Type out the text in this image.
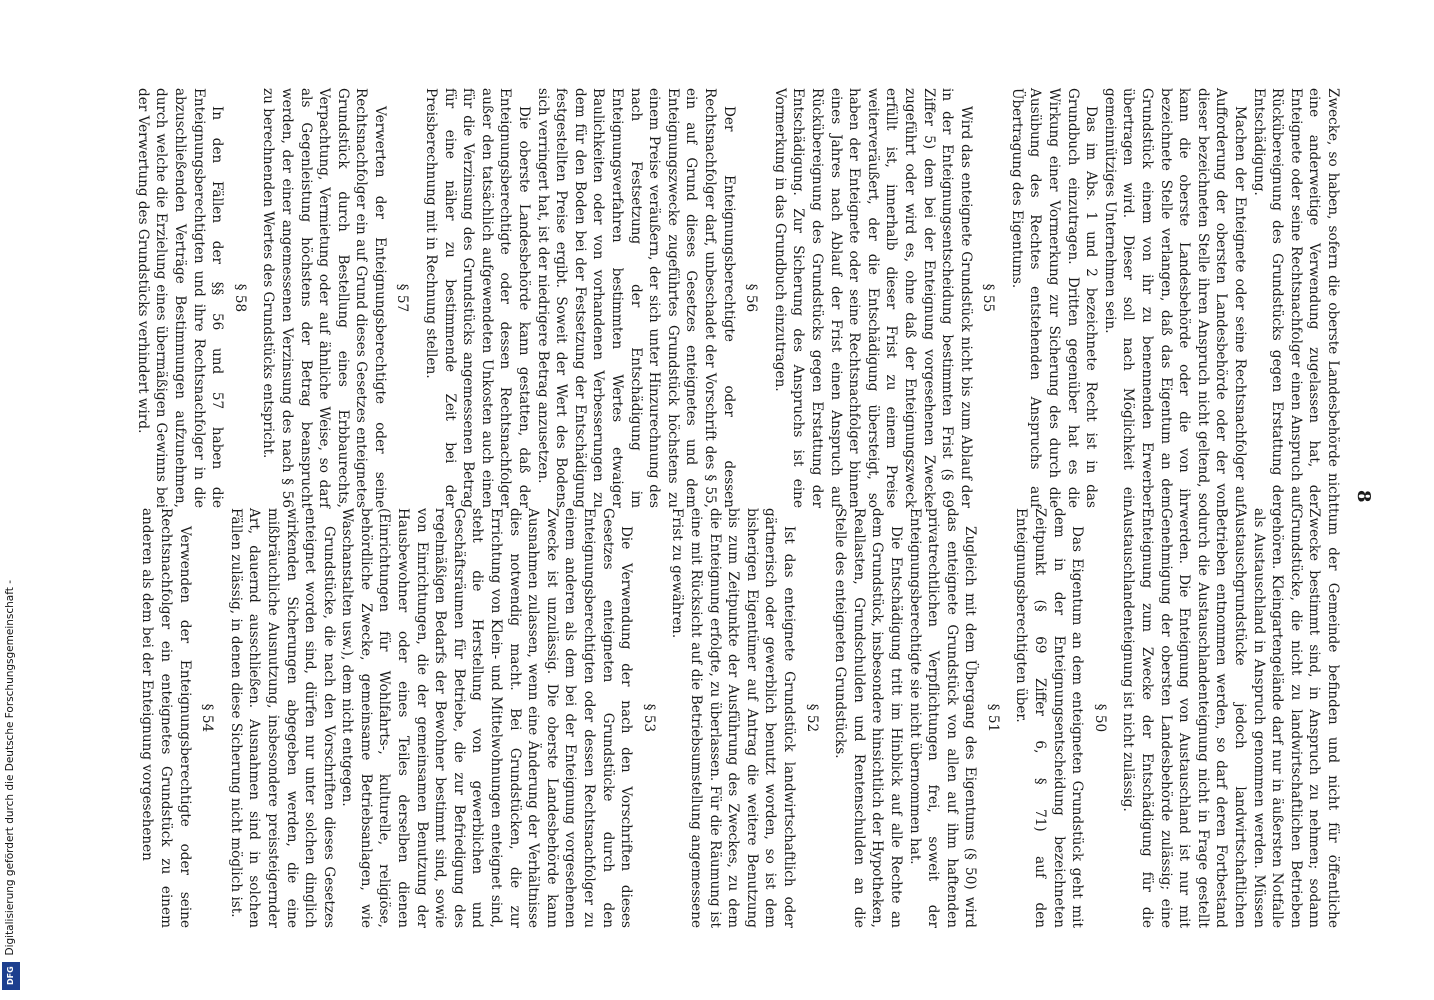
8

Zwecke, so haben, sofern die oberste Landesbehörde nicht eine anderweitige Verwendung zugelassen hat, der Enteignete oder seine Rechtsnachfolger einen Anspruch auf Rückübereignung des Grundstücks gegen Erstattung der Entschädigung.

Machen der Enteignete oder seine Rechtsnachfolger auf Aufforderung der obersten Landesbehörde oder der von dieser bezeichneten Stelle ihren Anspruch nicht geltend, so kann die oberste Landesbehörde oder die von ihr bezeichnete Stelle verlangen, daß das Eigentum an dem Grundstück einem von ihr zu benennenden Erwerber übertragen wird. Dieser soll nach Möglichkeit ein gemeinnütziges Unternehmen sein.

Das im Abs. 1 und 2 bezeichnete Recht ist in das Grundbuch einzutragen. Dritten gegenüber hat es die Wirkung einer Vormerkung zur Sicherung des durch die Ausübung des Rechtes entstehenden Anspruchs auf Übertragung des Eigentums.

§ 55

Wird das enteignete Grundstück nicht bis zum Ablauf der in der Enteignungsentscheidung bestimmten Frist (§ 69 Ziffer 5) dem bei der Enteignung vorgesehenen Zwecke zugeführt oder wird es, ohne daß der Enteignungszweck erfüllt ist, innerhalb dieser Frist zu einem Preise weiterveräußert, der die Entschädigung übersteigt, so haben der Enteignete oder seine Rechtsnachfolger binnen eines Jahres nach Ablauf der Frist einen Anspruch auf Rückübereignung des Grundstücks gegen Erstattung der Entschädigung. Zur Sicherung des Anspruchs ist eine Vormerkung in das Grundbuch einzutragen.

§ 56

Der Enteignungsberechtigte oder dessen Rechtsnachfolger darf, unbeschadet der Vorschrift des § 55, ein auf Grund dieses Gesetzes enteignetes und dem Enteignungszwecke zugeführtes Grundstück höchstens zu einem Preise veräußern, der sich unter Hinzurechnung des nach Festsetzung der Entschädigung im Enteignungsverfahren bestimmten Wertes etwaiger Baulichkeiten oder von vorhandenen Verbesserungen zu dem für den Boden bei der Festsetzung der Entschädigung festgestellten Preise ergibt. Soweit der Wert des Bodens sich verringert hat, ist der niedrigere Betrag anzusetzen.

Die oberste Landesbehörde kann gestatten, daß der Enteignungsberechtigte oder dessen Rechtsnachfolger außer den tatsächlich aufgewendeten Unkosten auch einen für die Verzinsung des Grundstücks angemessenen Betrag für eine näher zu bestimmende Zeit bei der Preisberechnung mit in Rechnung stellen.

§ 57

Verwerten der Enteignungsberechtigte oder seine Rechtsnachfolger ein auf Grund dieses Gesetzes enteignetes Grundstück durch Bestellung eines Erbbaurechts, Verpachtung, Vermietung oder auf ähnliche Weise, so darf als Gegenleistung höchstens der Betrag beansprucht werden, der einer angemessenen Verzinsung des nach § 56 zu berechnenden Wertes des Grundstücks entspricht.

§ 58

In den Fällen der §§ 56 und 57 haben die Enteignungsberechtigten und ihre Rechtsnachfolger in die abzuschließenden Verträge Bestimmungen aufzunehmen, durch welche die Erzielung eines übermäßigen Gewinns bei der Verwertung des Grundstücks verhindert wird.

tum der Gemeinde befinden und nicht für öffentliche Zwecke bestimmt sind, in Anspruch zu nehmen; sodann Grundstücke, die nicht zu landwirtschaftlichen Betrieben gehören. Kleingartengelände darf nur in äußersten Notfalle als Austauschland in Anspruch genommen werden. Müssen Austauschgrundstücke jedoch landwirtschaftlichen Betrieben entnommen werden, so darf deren Fortbestand durch die Austauschlandenteignung nicht in Frage gestellt werden. Die Enteignung von Austauschland ist nur mit Genehmigung der obersten Landesbehörde zulässig; eine Enteignung zum Zwecke der Entschädigung für die Austauschlandenteignung ist nicht zulässig.

§ 50

Das Eigentum an dem enteigneten Grundstück geht mit dem in der Enteignungsentscheidung bezeichneten Zeitpunkt (§ 69 Ziffer 6, § 71) auf den Enteignungsberechtigten über.

§ 51

Zugleich mit dem Übergang des Eigentums (§ 50) wird das enteignete Grundstück von allen auf ihm haftenden privatrechtlichen Verpflichtungen frei, soweit der Enteignungsberechtigte sie nicht übernommen hat.

Die Entschädigung tritt im Hinblick auf alle Rechte an dem Grundstück, insbesondere hinsichtlich der Hypotheken, Reallasten, Grundschulden und Rentenschulden an die Stelle des enteigneten Grundstücks.

§ 52

Ist das enteignete Grundstück landwirtschaftlich oder gärtnerisch oder gewerblich benutzt worden, so ist dem bisherigen Eigentümer auf Antrag die weitere Benutzung bis zum Zeitpunkte der Ausführung des Zweckes, zu dem die Enteignung erfolgte, zu überlassen. Für die Räumung ist eine mit Rücksicht auf die Betriebsumstellung angemessene Frist zu gewähren.

§ 53

Die Verwendung der nach den Vorschriften dieses Gesetzes enteigneten Grundstücke durch den Enteignungsberechtigten oder dessen Rechtsnachfolger zu einem anderen als dem bei der Enteignung vorgesehenen Zwecke ist unzulässig. Die oberste Landesbehörde kann Ausnahmen zulassen, wenn eine Änderung der Verhältnisse dies notwendig macht. Bei Grundstücken, die zur Errichtung von Klein- und Mittelwohnungen enteignet sind, steht die Herstellung von gewerblichen und Geschäftsräumen für Betriebe, die zur Befriedigung des regelmäßigen Bedarfs der Bewohner bestimmt sind, sowie von Einrichtungen, die der gemeinsamen Benutzung der Hausbewohner oder eines Teiles derselben dienen (Einrichtungen für Wohlfahrts-, kulturelle, religiöse, behördliche Zwecke, gemeinsame Betriebsanlagen, wie Waschanstalten usw.), dem nicht entgegen.

Grundstücke, die nach den Vorschriften dieses Gesetzes enteignet worden sind, dürfen nur unter solchen dinglich wirkenden Sicherungen abgegeben werden, die eine mißbräuchliche Ausnutzung, insbesondere preissteigernder Art, dauernd ausschließen. Ausnahmen sind in solchen Fällen zulässig, in denen diese Sicherung nicht möglich ist.

§ 54

Verwenden der Enteignungsberechtigte oder seine Rechtsnachfolger ein enteignetes Grundstück zu einem anderen als dem bei der Enteignung vorgesehenen

Digitalisierung gefördert durch die Deutsche Forschungsgemeinschaft -
DFG
